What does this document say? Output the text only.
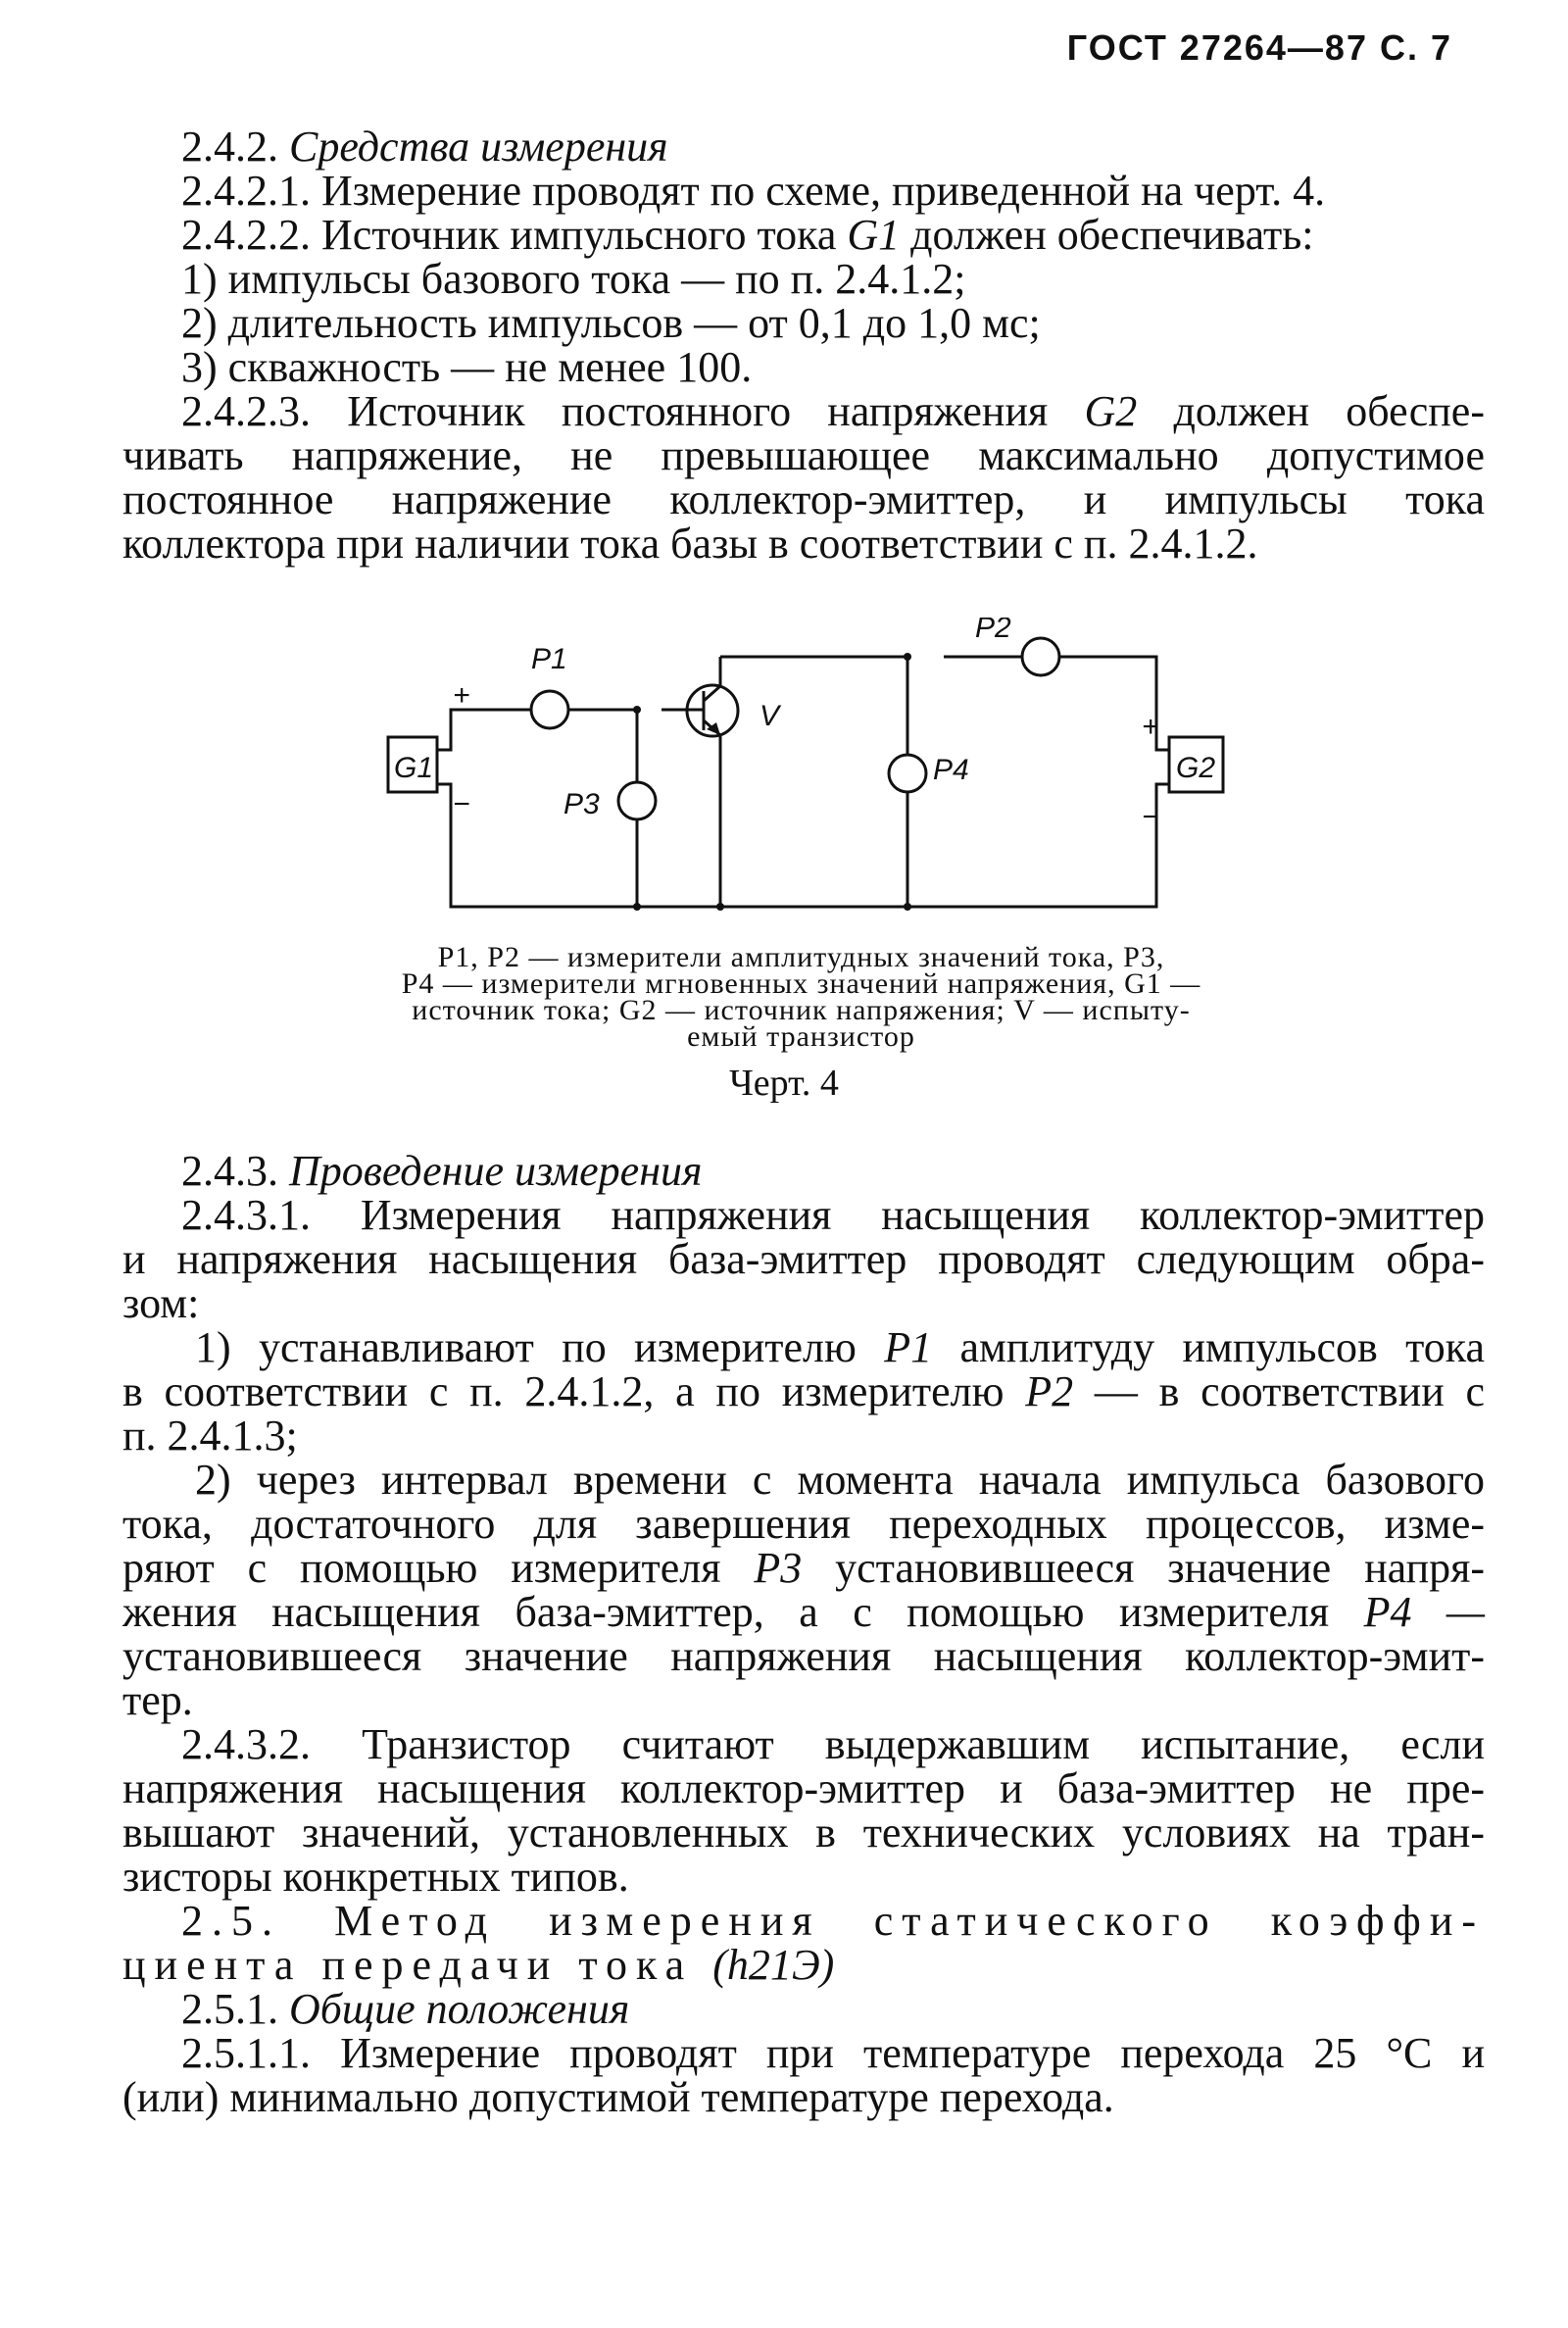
ГОСТ 27264—87 С. 7
2.4.2. Средства измерения
2.4.2.1. Измерение проводят по схеме, приведенной на черт. 4.
2.4.2.2. Источник импульсного тока G1 должен обеспечивать:
1) импульсы базового тока — по п. 2.4.1.2;
2) длительность импульсов — от 0,1 до 1,0 мс;
3) скважность — не менее 100.
2.4.2.3. Источник постоянного напряжения G2 должен обеспе-
чивать напряжение, не превышающее максимально допустимое
постоянное напряжение коллектор-эмиттер, и импульсы тока
коллектора при наличии тока базы в соответствии с п. 2.4.1.2.
P1
P2
P3
P4
V
G1	G2
+
−
+
−
P1, P2 — измерители амплитудных значений тока, P3,
P4 — измерители мгновенных значений напряжения, G1 —
источник тока; G2 — источник напряжения; V — испыту-
емый транзистор
Черт. 4
2.4.3. Проведение измерения
2.4.3.1. Измерения напряжения насыщения коллектор-эмиттер
и напряжения насыщения база-эмиттер проводят следующим обра-
зом:
1) устанавливают по измерителю P1 амплитуду импульсов тока
в соответствии с п. 2.4.1.2, а по измерителю P2 — в соответствии с
п. 2.4.1.3;
2) через интервал времени с момента начала импульса базового
тока, достаточного для завершения переходных процессов, изме-
ряют с помощью измерителя P3 установившееся значение напря-
жения насыщения база-эмиттер, а с помощью измерителя P4 —
установившееся значение напряжения насыщения коллектор-эмит-
тер.
2.4.3.2. Транзистор считают выдержавшим испытание, если
напряжения насыщения коллектор-эмиттер и база-эмиттер не пре-
вышают значений, установленных в технических условиях на тран-
зисторы конкретных типов.
2.5. Метод измерения статического коэффи-
циента передачи тока (h21Э)
2.5.1. Общие положения
2.5.1.1. Измерение проводят при температуре перехода 25 °С и
(или) минимально допустимой температуре перехода.
